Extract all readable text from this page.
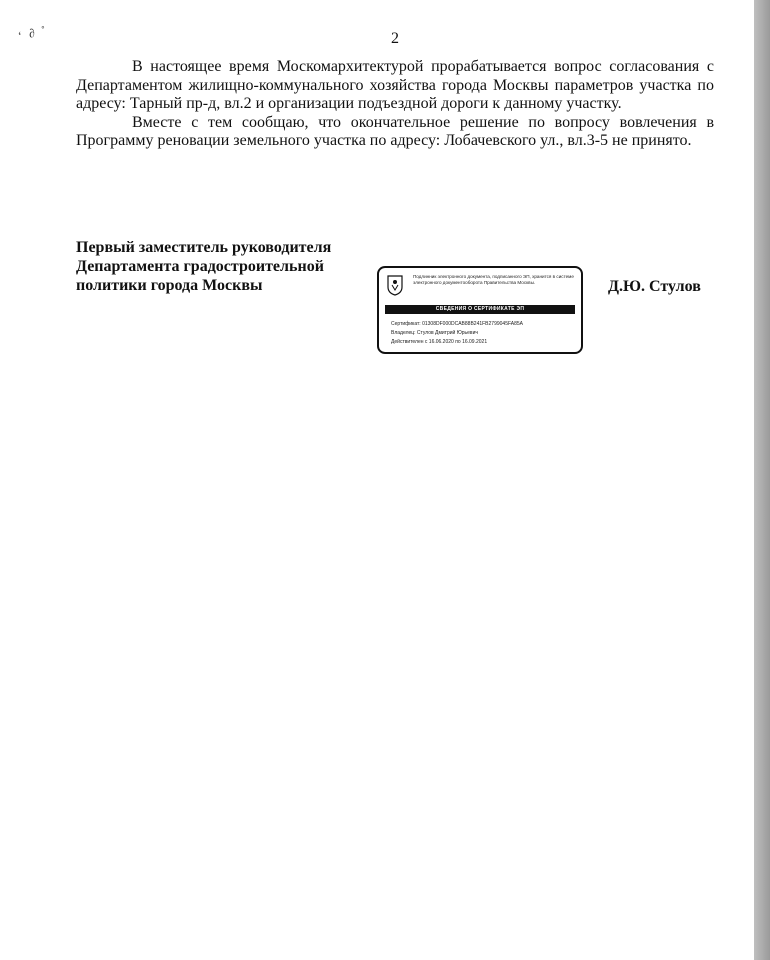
ʻ ∂ ˚	2

В настоящее время Москомархитектурой прорабатывается вопрос согласования с Департаментом жилищно-коммунального хозяйства города Москвы параметров участка по адресу: Тарный пр-д, вл.2 и организации подъездной дороги к данному участку.

Вместе с тем сообщаю, что окончательное решение по вопросу вовлечения в Программу реновации земельного участка по адресу: Лобачевского ул., вл.3-5 не принято.

Первый заместитель руководителя
Департамента градостроительной
политики города Москвы
Подлинник электронного документа, подписанного ЭП, хранится в системе электронного документооборота Правительства Москвы.
СВЕДЕНИЯ О СЕРТИФИКАТЕ ЭП
Сертификат: 01308DF000DCAB88B241FB2799045FA85A
Владелец: Стулов Дмитрий Юрьевич
Действителен с 16.06.2020 по 16.09.2021
Д.Ю. Стулов
